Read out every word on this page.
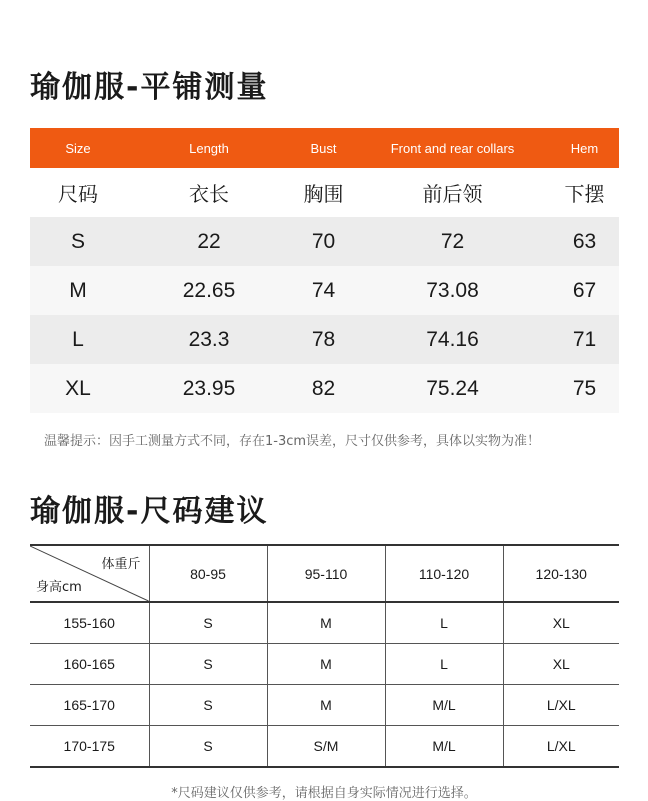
瑜伽服-平铺测量
Size	Length	Bust	Front and rear collars	Hem
尺码	衣长	胸围	前后领	下摆
S	22	70	72	63
M	22.65	74	73.08	67
L	23.3	78	74.16	71
XL	23.95	82	75.24	75
温馨提示：因手工测量方式不同，存在1-3cm误差，尺寸仅供参考，具体以实物为准！
瑜伽服-尺码建议
体重斤
身高cm	80-95	95-110	110-120	120-130
155-160	S	M	L	XL
160-165	S	M	L	XL
165-170	S	M	M/L	L/XL
170-175	S	S/M	M/L	L/XL
*尺码建议仅供参考，请根据自身实际情况进行选择。
